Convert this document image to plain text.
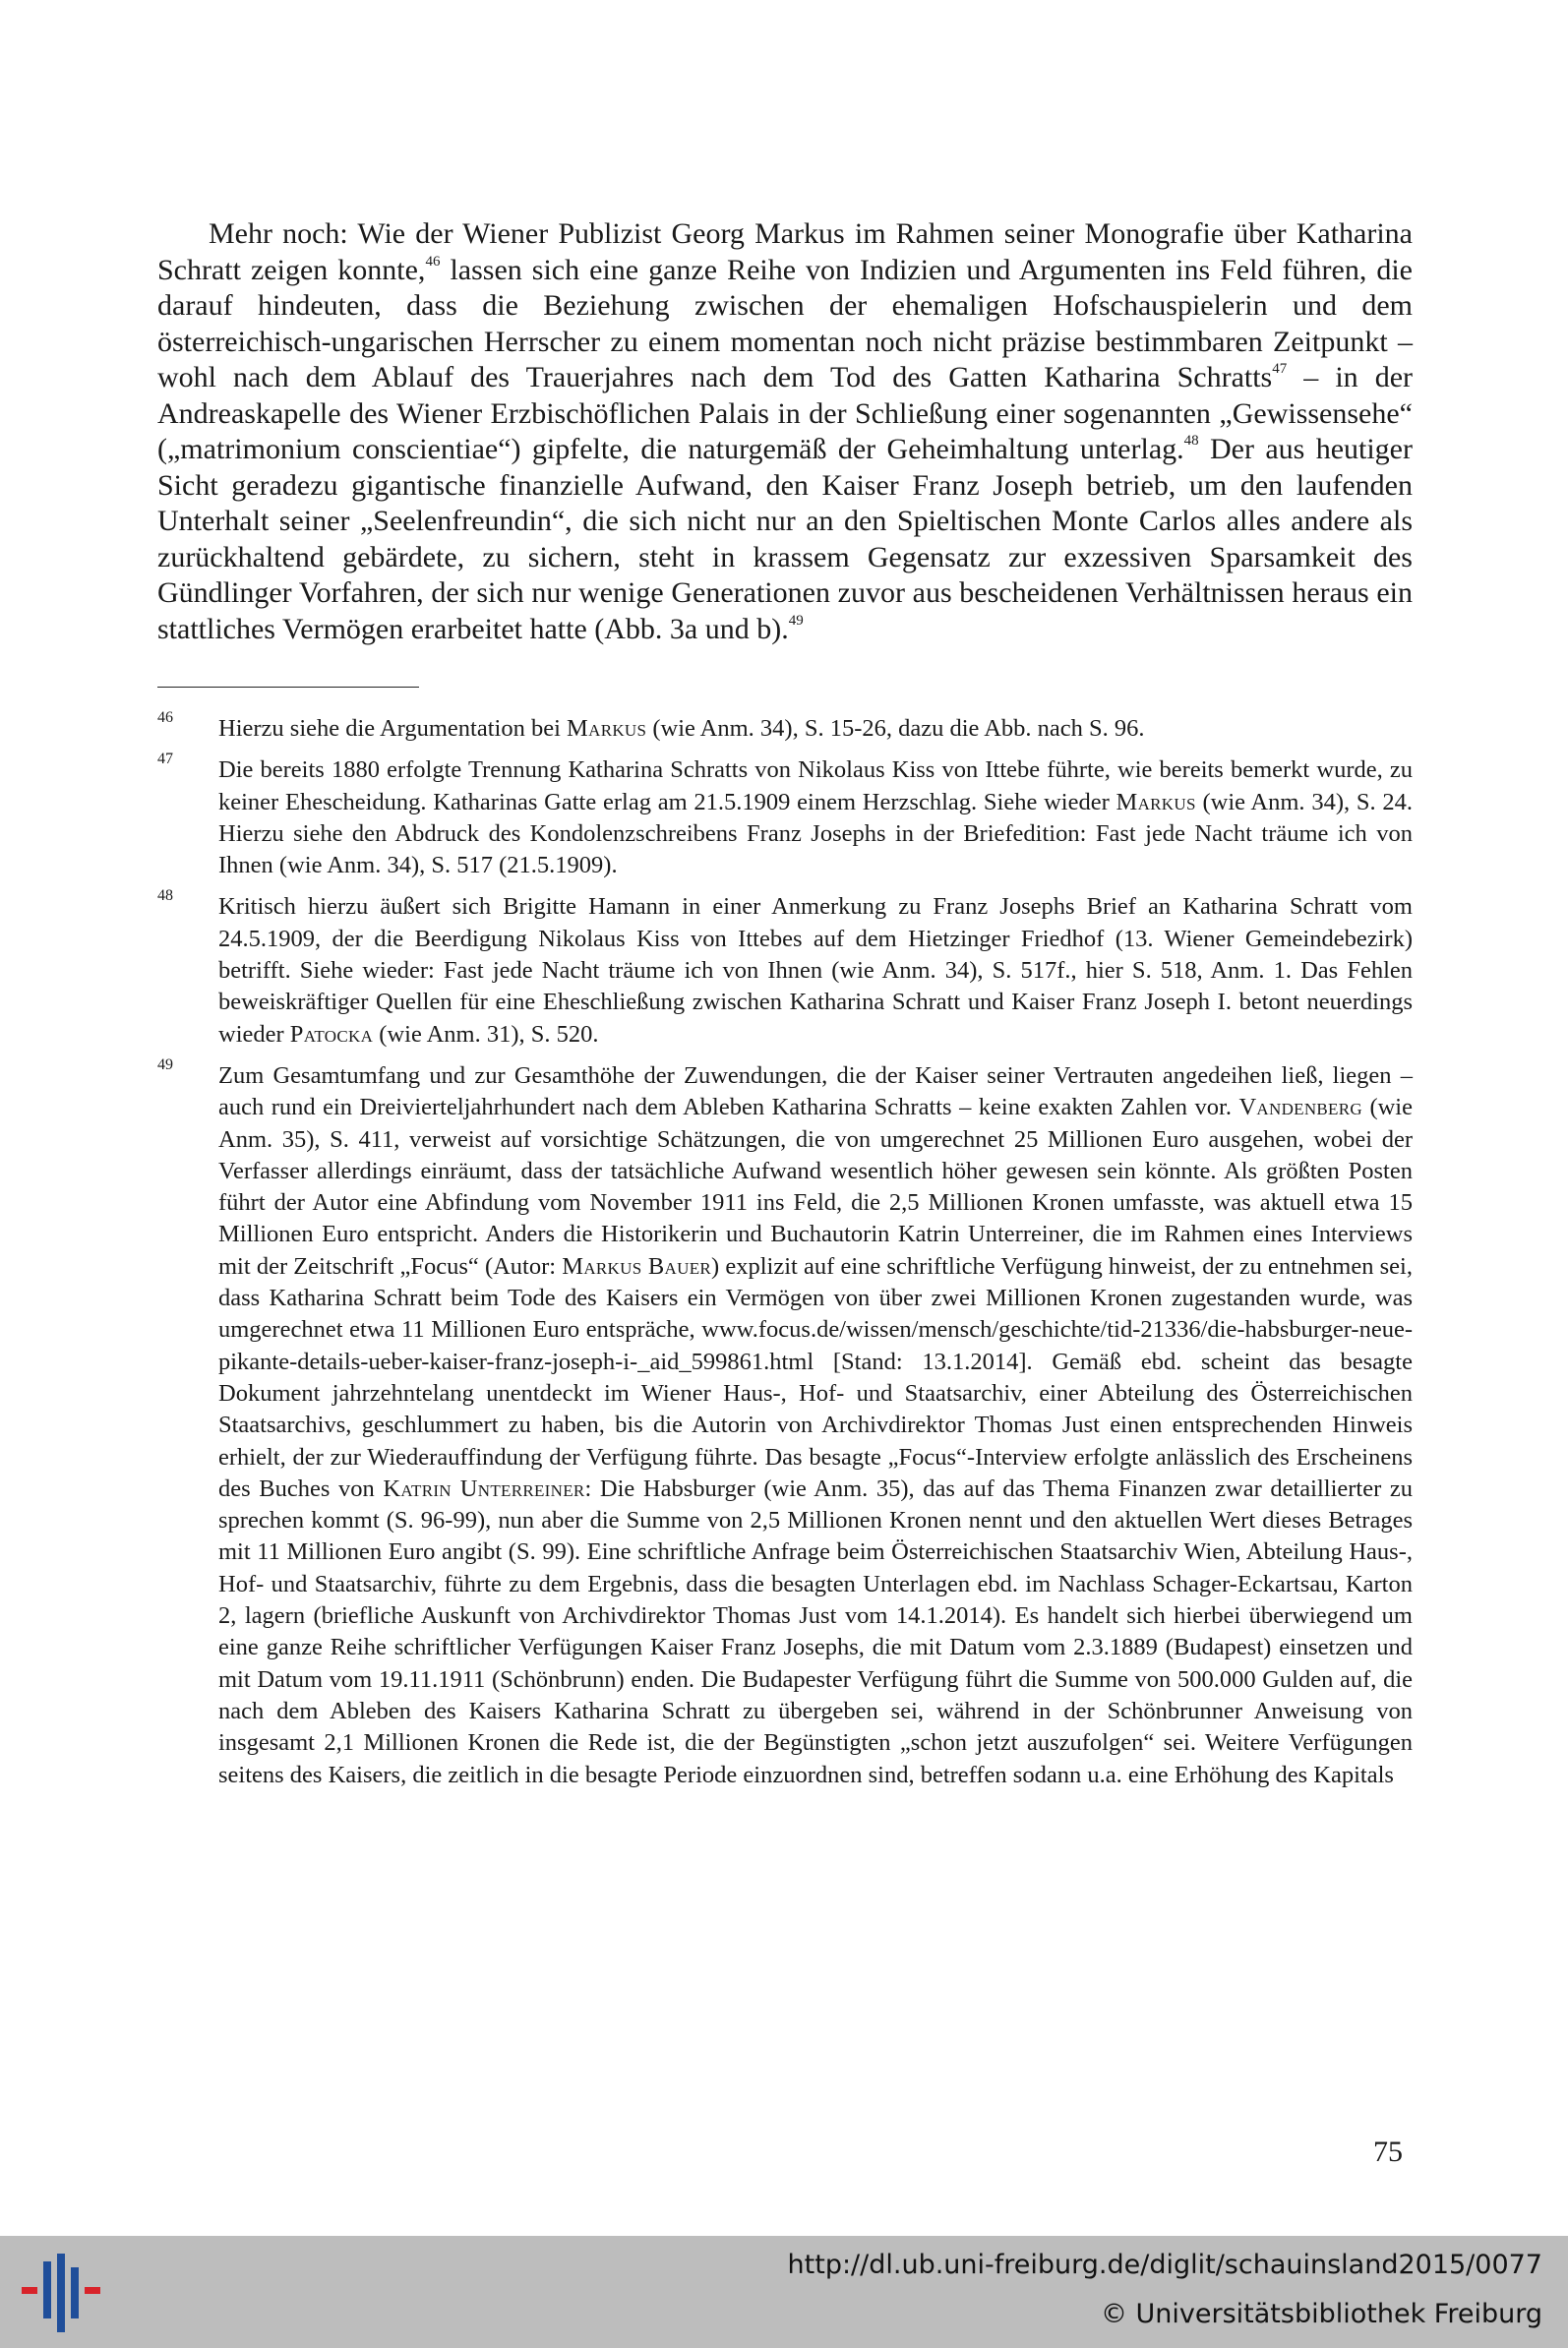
Mehr noch: Wie der Wiener Publizist Georg Markus im Rahmen seiner Monografie über Katharina Schratt zeigen konnte,$^{46}$ lassen sich eine ganze Reihe von Indizien und Argumenten ins Feld führen, die darauf hindeuten, dass die Beziehung zwischen der ehemaligen Hofschauspielerin und dem österreichisch-ungarischen Herrscher zu einem momentan noch nicht präzise bestimmbaren Zeitpunkt – wohl nach dem Ablauf des Trauerjahres nach dem Tod des Gatten Katharina Schratts$^{47}$ – in der Andreaskapelle des Wiener Erzbischöflichen Palais in der Schließung einer sogenannten „Gewissensehe“ („matrimonium conscientiae“) gipfelte, die naturgemäß der Geheimhaltung unterlag.$^{48}$ Der aus heutiger Sicht geradezu gigantische finanzielle Aufwand, den Kaiser Franz Joseph betrieb, um den laufenden Unterhalt seiner „Seelenfreundin“, die sich nicht nur an den Spieltischen Monte Carlos alles andere als zurückhaltend gebärdete, zu sichern, steht in krassem Gegensatz zur exzessiven Sparsamkeit des Gündlinger Vorfahren, der sich nur wenige Generationen zuvor aus bescheidenen Verhältnissen heraus ein stattliches Vermögen erarbeitet hatte (Abb. 3a und b).$^{49}$

46 Hierzu siehe die Argumentation bei Markus (wie Anm. 34), S. 15-26, dazu die Abb. nach S. 96.
47 Die bereits 1880 erfolgte Trennung Katharina Schratts von Nikolaus Kiss von Ittebe führte, wie bereits bemerkt wurde, zu keiner Ehescheidung. Katharinas Gatte erlag am 21.5.1909 einem Herzschlag. Siehe wieder Markus (wie Anm. 34), S. 24. Hierzu siehe den Abdruck des Kondolenzschreibens Franz Josephs in der Briefedition: Fast jede Nacht träume ich von Ihnen (wie Anm. 34), S. 517 (21.5.1909).
48 Kritisch hierzu äußert sich Brigitte Hamann in einer Anmerkung zu Franz Josephs Brief an Katharina Schratt vom 24.5.1909, der die Beerdigung Nikolaus Kiss von Ittebes auf dem Hietzinger Friedhof (13. Wiener Gemeindebezirk) betrifft. Siehe wieder: Fast jede Nacht träume ich von Ihnen (wie Anm. 34), S. 517f., hier S. 518, Anm. 1. Das Fehlen beweiskräftiger Quellen für eine Eheschließung zwischen Katharina Schratt und Kaiser Franz Joseph I. betont neuerdings wieder Patocka (wie Anm. 31), S. 520.
49 Zum Gesamtumfang und zur Gesamthöhe der Zuwendungen, die der Kaiser seiner Vertrauten angedeihen ließ, liegen – auch rund ein Dreivierteljahrhundert nach dem Ableben Katharina Schratts – keine exakten Zahlen vor. Vandenberg (wie Anm. 35), S. 411, verweist auf vorsichtige Schätzungen, die von umgerechnet 25 Millionen Euro ausgehen, wobei der Verfasser allerdings einräumt, dass der tatsächliche Aufwand wesentlich höher gewesen sein könnte. Als größten Posten führt der Autor eine Abfindung vom November 1911 ins Feld, die 2,5 Millionen Kronen umfasste, was aktuell etwa 15 Millionen Euro entspricht. Anders die Historikerin und Buchautorin Katrin Unterreiner, die im Rahmen eines Interviews mit der Zeitschrift „Focus“ (Autor: Markus Bauer) explizit auf eine schriftliche Verfügung hinweist, der zu entnehmen sei, dass Katharina Schratt beim Tode des Kaisers ein Vermögen von über zwei Millionen Kronen zugestanden wurde, was umgerechnet etwa 11 Millionen Euro entspräche, www.focus.​de/wissen/mensch/geschichte/tid-21336/die-habsburger-neue-pikante-details-ueber-kaiser-franz-jo​seph-i-_aid_599861.html [Stand: 13.1.2014]. Gemäß ebd. scheint das besagte Dokument jahrzehntelang unentdeckt im Wiener Haus-, Hof- und Staatsarchiv, einer Abteilung des Österreichischen Staatsarchivs, geschlummert zu haben, bis die Autorin von Archivdirektor Thomas Just einen entsprechenden Hinweis erhielt, der zur Wiederauffindung der Verfügung führte. Das besagte „Focus“-Interview erfolgte anlässlich des Erscheinens des Buches von Katrin Unterreiner: Die Habsburger (wie Anm. 35), das auf das Thema Finanzen zwar detaillierter zu sprechen kommt (S. 96-99), nun aber die Summe von 2,5 Millionen Kronen nennt und den aktuellen Wert dieses Betrages mit 11 Millionen Euro angibt (S. 99). Eine schriftliche Anfrage beim Österreichischen Staatsarchiv Wien, Abteilung Haus-, Hof- und Staatsarchiv, führte zu dem Ergebnis, dass die besagten Unterlagen ebd. im Nachlass Schager-Eckartsau, Karton 2, lagern (briefliche Auskunft von Archivdirektor Thomas Just vom 14.1.2014). Es handelt sich hierbei überwiegend um eine ganze Reihe schriftlicher Verfügungen Kaiser Franz Josephs, die mit Datum vom 2.3.1889 (Budapest) einsetzen und mit Datum vom 19.11.1911 (Schönbrunn) enden. Die Budapester Verfügung führt die Summe von 500.000 Gulden auf, die nach dem Ableben des Kaisers Katharina Schratt zu übergeben sei, während in der Schönbrunner Anweisung von insgesamt 2,1 Millionen Kronen die Rede ist, die der Begünstigten „schon jetzt auszufolgen“ sei. Weitere Verfügungen seitens des Kaisers, die zeitlich in die besagte Periode einzuordnen sind, betreffen sodann u.a. eine Erhöhung des Kapitals
75
http://dl.ub.uni-freiburg.de/diglit/schauinsland2015/0077
© Universitätsbibliothek Freiburg
